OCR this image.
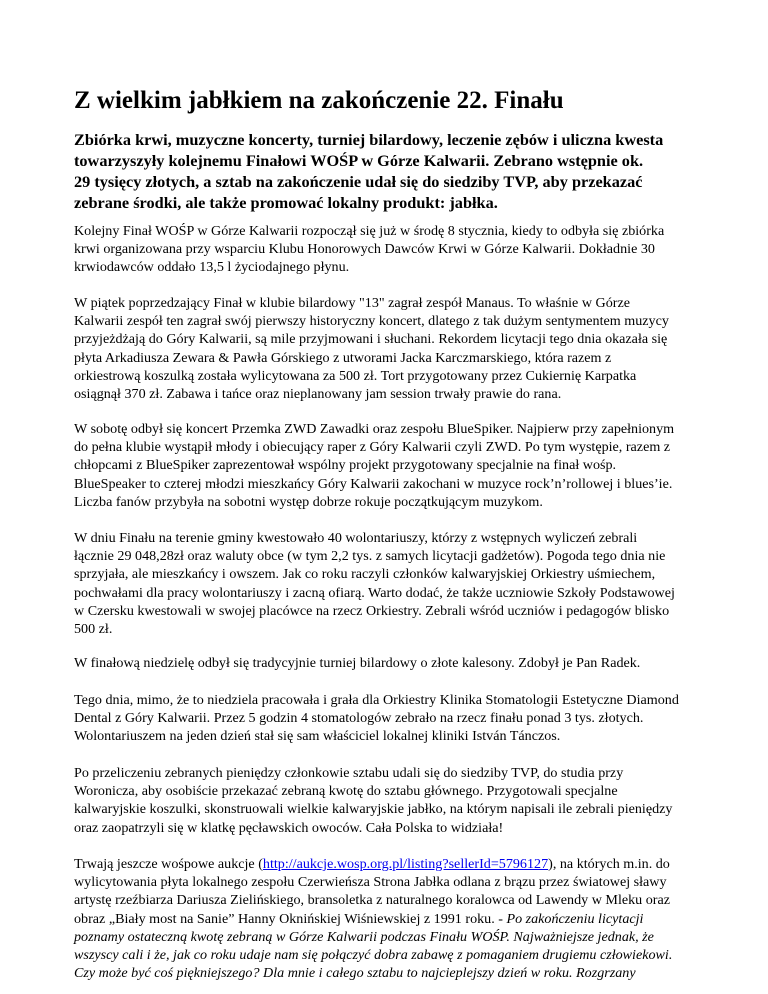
Z wielkim jabłkiem na zakończenie 22. Finału
Zbiórka krwi, muzyczne koncerty, turniej bilardowy, leczenie zębów i uliczna kwesta
towarzyszyły kolejnemu Finałowi WOŚP w Górze Kalwarii. Zebrano wstępnie ok.
29 tysięcy złotych, a sztab na zakończenie udał się do siedziby TVP, aby przekazać
zebrane środki, ale także promować lokalny produkt: jabłka.
Kolejny Finał WOŚP w Górze Kalwarii rozpoczął się już w środę 8 stycznia, kiedy to odbyła się zbiórka
krwi organizowana przy wsparciu Klubu Honorowych Dawców Krwi w Górze Kalwarii. Dokładnie 30
krwiodawców oddało 13,5 l życiodajnego płynu.
W piątek poprzedzający Finał w klubie bilardowy "13" zagrał zespół Manaus. To właśnie w Górze
Kalwarii zespół ten zagrał swój pierwszy historyczny koncert, dlatego z tak dużym sentymentem muzycy
przyjeżdżają do Góry Kalwarii, są mile przyjmowani i słuchani. Rekordem licytacji tego dnia okazała się
płyta Arkadiusza Zewara & Pawła Górskiego z utworami Jacka Karczmarskiego, która razem z
orkiestrową koszulką została wylicytowana za 500 zł. Tort przygotowany przez Cukiernię Karpatka
osiągnął 370 zł. Zabawa i tańce oraz nieplanowany jam session trwały prawie do rana.
W sobotę odbył się koncert Przemka ZWD Zawadki oraz zespołu BlueSpiker. Najpierw przy zapełnionym
do pełna klubie wystąpił młody i obiecujący raper z Góry Kalwarii czyli ZWD. Po tym występie, razem z
chłopcami z BlueSpiker zaprezentował wspólny projekt przygotowany specjalnie na finał wośp.
BlueSpeaker to czterej młodzi mieszkańcy Góry Kalwarii zakochani w muzyce rock’n’rollowej i blues’ie.
Liczba fanów przybyła na sobotni występ dobrze rokuje początkującym muzykom.
W dniu Finału na terenie gminy kwestowało 40 wolontariuszy, którzy z wstępnych wyliczeń zebrali
łącznie 29 048,28zł oraz waluty obce (w tym 2,2 tys. z samych licytacji gadżetów). Pogoda tego dnia nie
sprzyjała, ale mieszkańcy i owszem. Jak co roku raczyli członków kalwaryjskiej Orkiestry uśmiechem,
pochwałami dla pracy wolontariuszy i zacną ofiarą. Warto dodać, że także uczniowie Szkoły Podstawowej
w Czersku kwestowali w swojej placówce na rzecz Orkiestry. Zebrali wśród uczniów i pedagogów blisko
500 zł.
W finałową niedzielę odbył się tradycyjnie turniej bilardowy o złote kalesony. Zdobył je Pan Radek.
Tego dnia, mimo, że to niedziela pracowała i grała dla Orkiestry Klinika Stomatologii Estetyczne Diamond
Dental z Góry Kalwarii. Przez 5 godzin 4 stomatologów zebrało na rzecz finału ponad 3 tys. złotych.
Wolontariuszem na jeden dzień stał się sam właściciel lokalnej kliniki István Tánczos.
Po przeliczeniu zebranych pieniędzy członkowie sztabu udali się do siedziby TVP, do studia przy
Woronicza, aby osobiście przekazać zebraną kwotę do sztabu głównego. Przygotowali specjalne
kalwaryjskie koszulki, skonstruowali wielkie kalwaryjskie jabłko, na którym napisali ile zebrali pieniędzy
oraz zaopatrzyli się w klatkę pęcławskich owoców. Cała Polska to widziała!
Trwają jeszcze wośpowe aukcje (http://aukcje.wosp.org.pl/listing?sellerId=5796127), na których m.in. do
wylicytowania płyta lokalnego zespołu Czerwieńsza Strona Jabłka odlana z brązu przez światowej sławy
artystę rzeźbiarza Dariusza Zielińskiego, bransoletka z naturalnego koralowca od Lawendy w Mleku oraz
obraz „Biały most na Sanie” Hanny Oknińskiej Wiśniewskiej z 1991 roku. - Po zakończeniu licytacji
poznamy ostateczną kwotę zebraną w Górze Kalwarii podczas Finału WOŚP. Najważniejsze jednak, że
wszyscy cali i że, jak co roku udaje nam się połączyć dobra zabawę z pomaganiem drugiemu człowiekowi.
Czy może być coś piękniejszego? Dla mnie i całego sztabu to najcieplejszy dzień w roku. Rozgrzany
